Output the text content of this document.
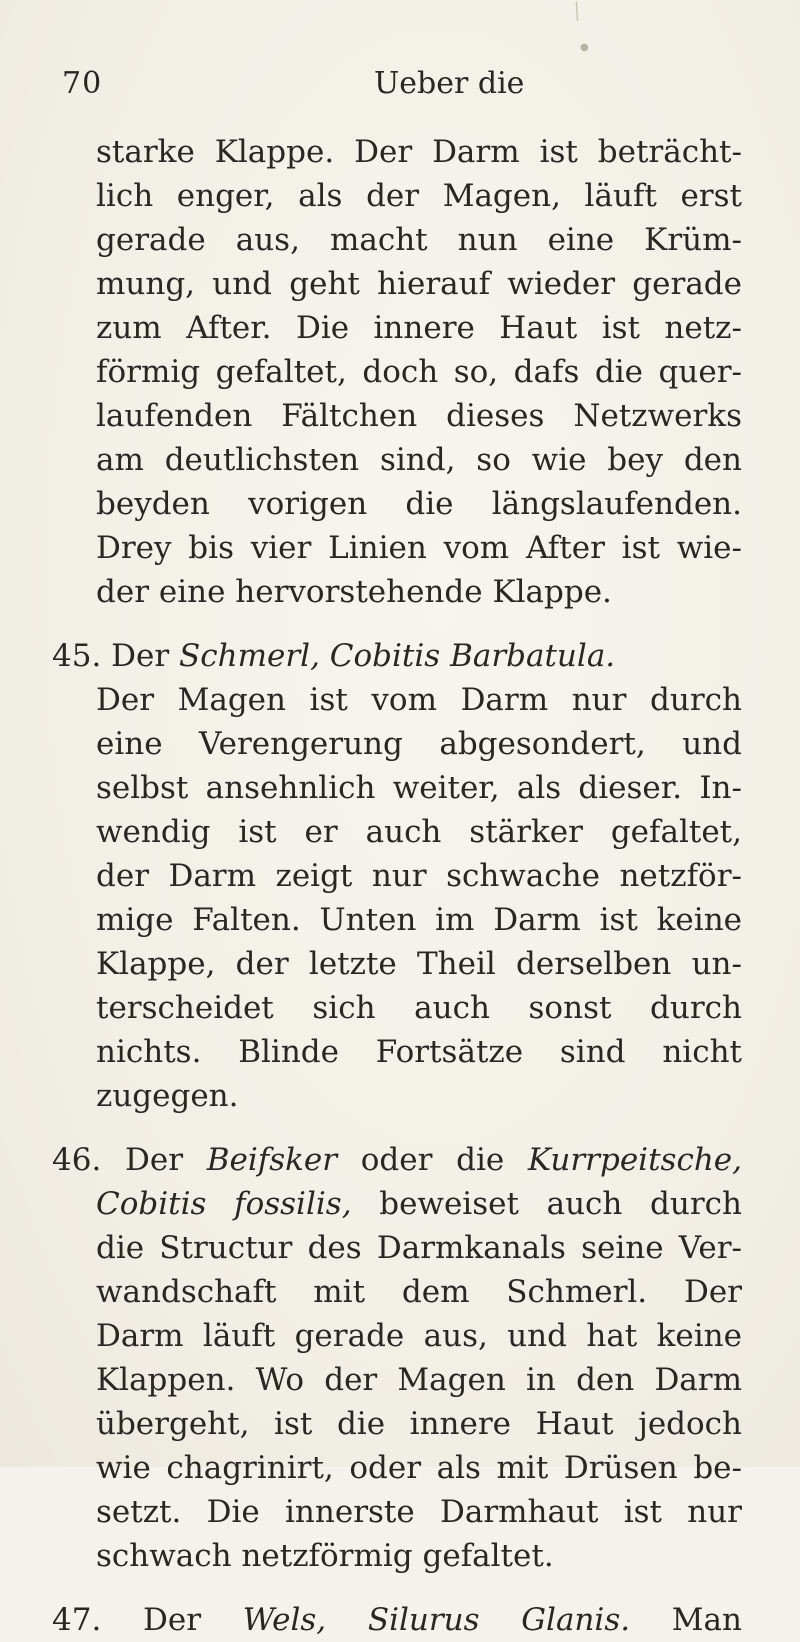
⁄
●
70	Ueber die
starke Klappe. Der Darm ist beträcht-
lich enger, als der Magen, läuft erst
gerade aus, macht nun eine Krüm-
mung, und geht hierauf wieder gerade
zum After. Die innere Haut ist netz-
förmig gefaltet, doch so, dafs die quer-
laufenden Fältchen dieses Netzwerks
am deutlichsten sind, so wie bey den
beyden vorigen die längslaufenden.
Drey bis vier Linien vom After ist wie-
der eine hervorstehende Klappe.
45. Der Schmerl, Cobitis Barbatula.
Der Magen ist vom Darm nur durch
eine Verengerung abgesondert, und
selbst ansehnlich weiter, als dieser. In-
wendig ist er auch stärker gefaltet,
der Darm zeigt nur schwache netzför-
mige Falten. Unten im Darm ist keine
Klappe, der letzte Theil derselben un-
terscheidet sich auch sonst durch
nichts. Blinde Fortsätze sind nicht
zugegen.
46. Der Beifsker oder die Kurrpeitsche,
Cobitis fossilis, beweiset auch durch
die Structur des Darmkanals seine Ver-
wandschaft mit dem Schmerl. Der
Darm läuft gerade aus, und hat keine
Klappen. Wo der Magen in den Darm
übergeht, ist die innere Haut jedoch
wie chagrinirt, oder als mit Drüsen be-
setzt. Die innerste Darmhaut ist nur
schwach netzförmig gefaltet.
47. Der Wels, Silurus Glanis. Man
